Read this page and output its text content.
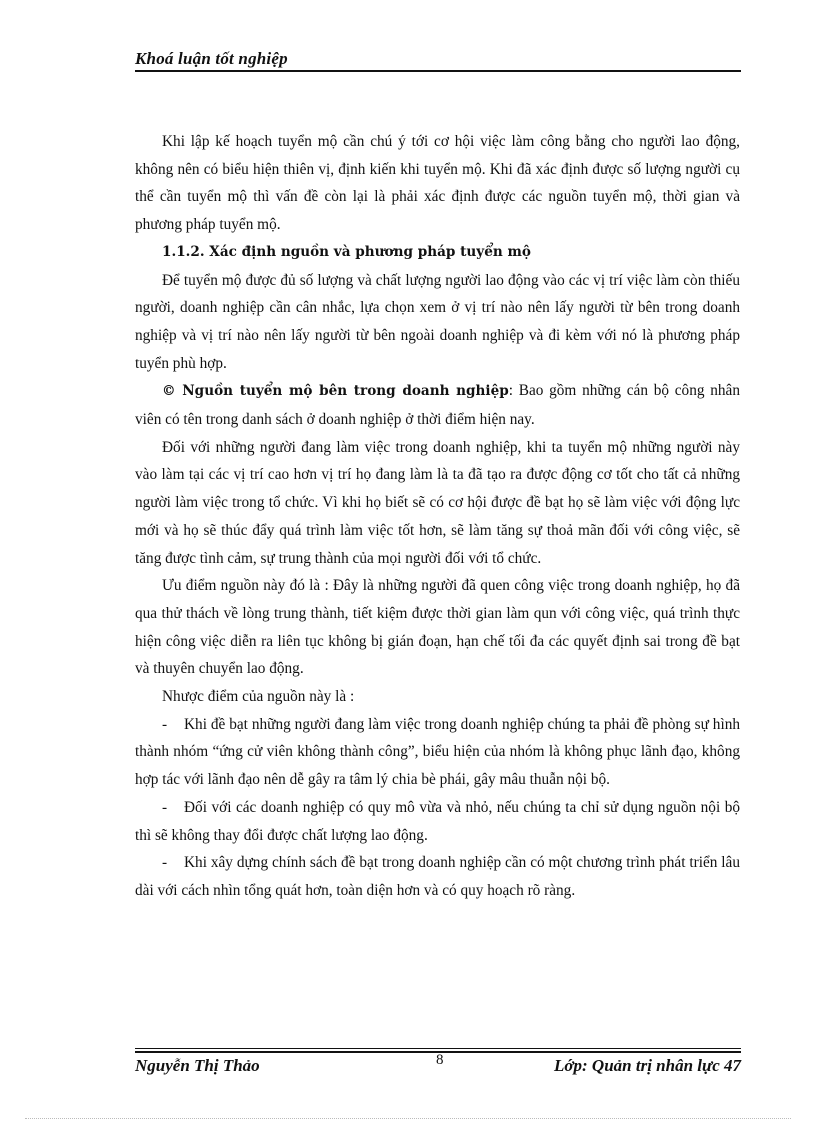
Khoá luận tốt nghiệp

Khi lập kế hoạch tuyển mộ cần chú ý tới cơ hội việc làm công bằng cho người lao động, không nên có biểu hiện thiên vị, định kiến khi tuyển mộ. Khi đã xác định được số lượng người cụ thể cần tuyển mộ thì vấn đề còn lại là phải xác định được các nguồn tuyển mộ, thời gian và phương pháp tuyển mộ.

1.1.2. Xác định nguồn và phương pháp tuyển mộ

Để tuyển mộ được đủ số lượng và chất lượng người lao động vào các vị trí việc làm còn thiếu người, doanh nghiệp cần cân nhắc, lựa chọn xem ở vị trí nào nên lấy người từ bên trong doanh nghiệp và vị trí nào nên lấy người từ bên ngoài doanh nghiệp và đi kèm với nó là phương pháp tuyển phù hợp.

© Nguồn tuyển mộ bên trong doanh nghiệp: Bao gồm những cán bộ công nhân viên có tên trong danh sách ở doanh nghiệp ở thời điểm hiện nay.

Đối với những người đang làm việc trong doanh nghiệp, khi ta tuyển mộ những người này vào làm tại các vị trí cao hơn vị trí họ đang làm là ta đã tạo ra được động cơ tốt cho tất cả những người làm việc trong tổ chức. Vì khi họ biết sẽ có cơ hội được đề bạt họ sẽ làm việc với động lực mới và họ sẽ thúc đẩy quá trình làm việc tốt hơn, sẽ làm tăng sự thoả mãn đối với công việc, sẽ tăng được tình cảm, sự trung thành của mọi người đối với tổ chức.

Ưu điểm nguồn này đó là : Đây là những người đã quen công việc trong doanh nghiệp, họ đã qua thử thách về lòng trung thành, tiết kiệm được thời gian làm qun với công việc, quá trình thực hiện công việc diễn ra liên tục không bị gián đoạn, hạn chế tối đa các quyết định sai trong đề bạt và thuyên chuyển lao động.

Nhược điểm của nguồn này là :

- Khi đề bạt những người đang làm việc trong doanh nghiệp chúng ta phải đề phòng sự hình thành nhóm “ứng cử viên không thành công”, biểu hiện của nhóm là không phục lãnh đạo, không hợp tác với lãnh đạo nên dễ gây ra tâm lý chia bè phái, gây mâu thuẫn nội bộ.

- Đối với các doanh nghiệp có quy mô vừa và nhỏ, nếu chúng ta chỉ sử dụng nguồn nội bộ thì sẽ không thay đổi được chất lượng lao động.

- Khi xây dựng chính sách đề bạt trong doanh nghiệp cần có một chương trình phát triển lâu dài với cách nhìn tổng quát hơn, toàn diện hơn và có quy hoạch rõ ràng.

Nguyễn Thị Thảo	8	Lớp: Quản trị nhân lực 47
